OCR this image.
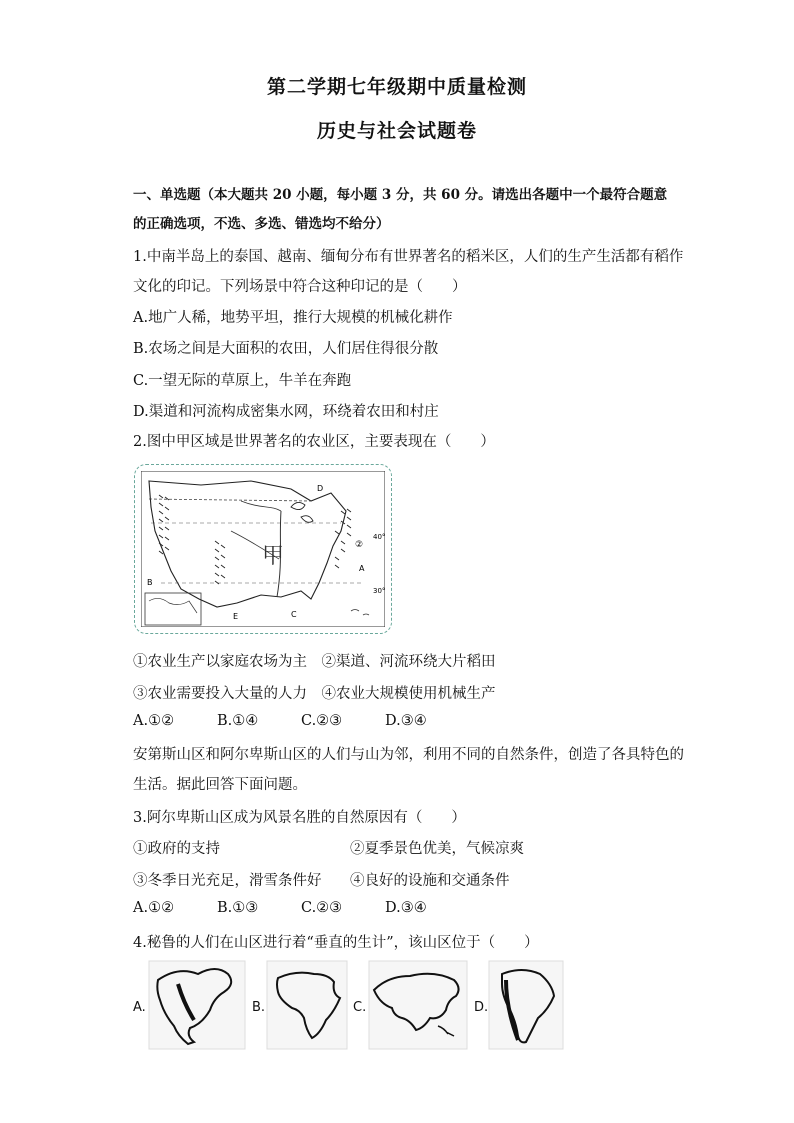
第二学期七年级期中质量检测
历史与社会试题卷
一、单选题（本大题共 20 小题，每小题 3 分，共 60 分。请选出各题中一个最符合题意
的正确选项，不选、多选、错选均不给分）
1.中南半岛上的泰国、越南、缅甸分布有世界著名的稻米区，人们的生产生活都有稻作
文化的印记。下列场景中符合这种印记的是（　　）
A.地广人稀，地势平坦，推行大规模的机械化耕作
B.农场之间是大面积的农田，人们居住得很分散
C.一望无际的草原上，牛羊在奔跑
D.渠道和河流构成密集水网，环绕着农田和村庄
2.图中甲区域是世界著名的农业区，主要表现在（　　）
甲
40°
30°
A
B
C
D
E
②
①农业生产以家庭农场为主　②渠道、河流环绕大片稻田
③农业需要投入大量的人力　④农业大规模使用机械生产
A.①②	B.①④	C.②③	D.③④
安第斯山区和阿尔卑斯山区的人们与山为邻，利用不同的自然条件，创造了各具特色的
生活。据此回答下面问题。
3.阿尔卑斯山区成为风景名胜的自然原因有（　　）
①政府的支持	②夏季景色优美，气候凉爽
③冬季日光充足，滑雪条件好 ④良好的设施和交通条件
A.①②	B.①③	C.②③	D.③④
4.秘鲁的人们在山区进行着“垂直的生计”，该山区位于（　　）
A.	B.	C.	D.
